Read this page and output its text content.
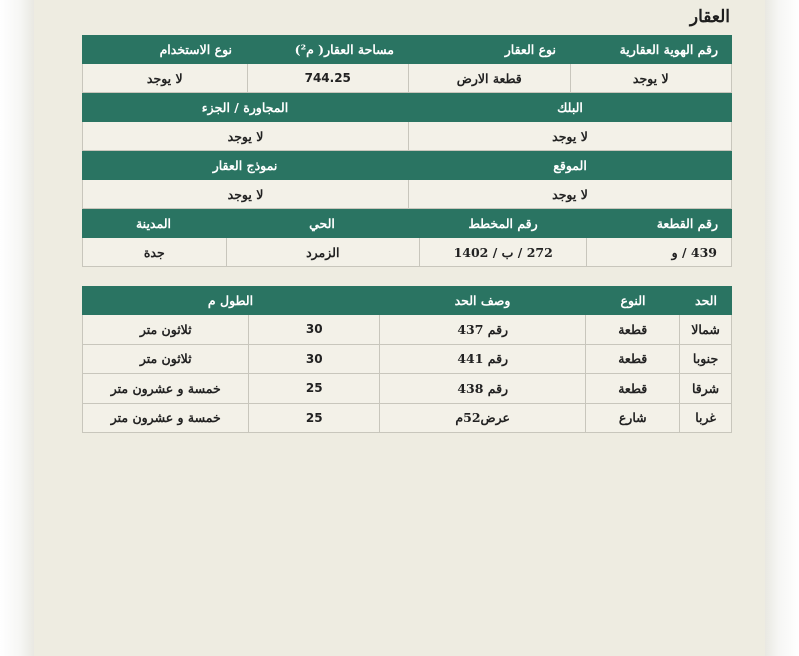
العقار
رقم الهوية العقارية
نوع العقار
مساحة العقار( م²)
نوع الاستخدام
لا يوجد
قطعة الارض
744.25
لا يوجد
البلك
المجاورة / الجزء
لا يوجد
لا يوجد
الموقع
نموذج العقار
لا يوجد
لا يوجد
رقم القطعة
رقم المخطط
الحي
المدينة
439 / و
272 / ب / 1402
الزمرد
جدة
الحد
النوع
وصف الحد
الطول م
شمالا
قطعة
رقم 437
30
ثلاثون متر
جنوبا
قطعة
رقم 441
30
ثلاثون متر
شرقا
قطعة
رقم 438
25
خمسة و عشرون متر
غربا
شارع
عرض52م
25
خمسة و عشرون متر
